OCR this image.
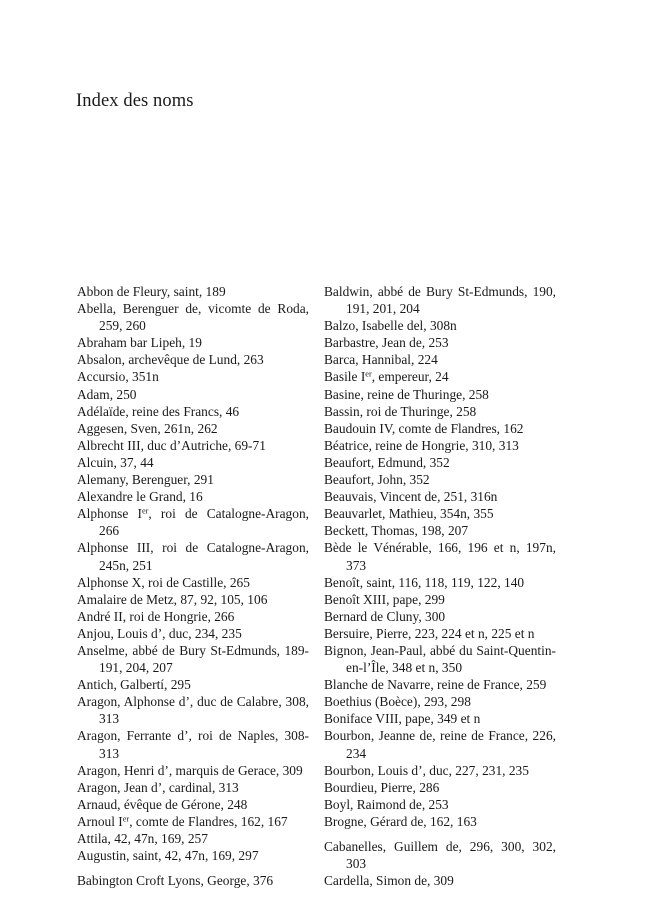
Index des noms

Abbon de Fleury, saint, 189

Abella, Berenguer de, vicomte de Roda, 259, 260

Abraham bar Lipeh, 19

Absalon, archevêque de Lund, 263

Accursio, 351n

Adam, 250

Adélaïde, reine des Francs, 46

Aggesen, Sven, 261n, 262

Albrecht III, duc d’Autriche, 69-71

Alcuin, 37, 44

Alemany, Berenguer, 291

Alexandre le Grand, 16

Alphonse Ier, roi de Catalogne-Aragon, 266

Alphonse III, roi de Catalogne-Aragon, 245n, 251

Alphonse X, roi de Castille, 265

Amalaire de Metz, 87, 92, 105, 106

André II, roi de Hongrie, 266

Anjou, Louis d’, duc, 234, 235

Anselme, abbé de Bury St-Edmunds, 189-191, 204, 207

Antich, Galbertí, 295

Aragon, Alphonse d’, duc de Calabre, 308, 313

Aragon, Ferrante d’, roi de Naples, 308-313

Aragon, Henri d’, marquis de Gerace, 309

Aragon, Jean d’, cardinal, 313

Arnaud, évêque de Gérone, 248

Arnoul Ier, comte de Flandres, 162, 167

Attila, 42, 47n, 169, 257

Augustin, saint, 42, 47n, 169, 297

Babington Croft Lyons, George, 376

Baldwin, abbé de Bury St-Edmunds, 190, 191, 201, 204

Balzo, Isabelle del, 308n

Barbastre, Jean de, 253

Barca, Hannibal, 224

Basile Ier, empereur, 24

Basine, reine de Thuringe, 258

Bassin, roi de Thuringe, 258

Baudouin IV, comte de Flandres, 162

Béatrice, reine de Hongrie, 310, 313

Beaufort, Edmund, 352

Beaufort, John, 352

Beauvais, Vincent de, 251, 316n

Beauvarlet, Mathieu, 354n, 355

Beckett, Thomas, 198, 207

Bède le Vénérable, 166, 196 et n, 197n, 373

Benoît, saint, 116, 118, 119, 122, 140

Benoît XIII, pape, 299

Bernard de Cluny, 300

Bersuire, Pierre, 223, 224 et n, 225 et n

Bignon, Jean-Paul, abbé du Saint-Quentin-en-l’Île, 348 et n, 350

Blanche de Navarre, reine de France, 259

Boethius (Boèce), 293, 298

Boniface VIII, pape, 349 et n

Bourbon, Jeanne de, reine de France, 226, 234

Bourbon, Louis d’, duc, 227, 231, 235

Bourdieu, Pierre, 286

Boyl, Raimond de, 253

Brogne, Gérard de, 162, 163

Cabanelles, Guillem de, 296, 300, 302, 303

Cardella, Simon de, 309
